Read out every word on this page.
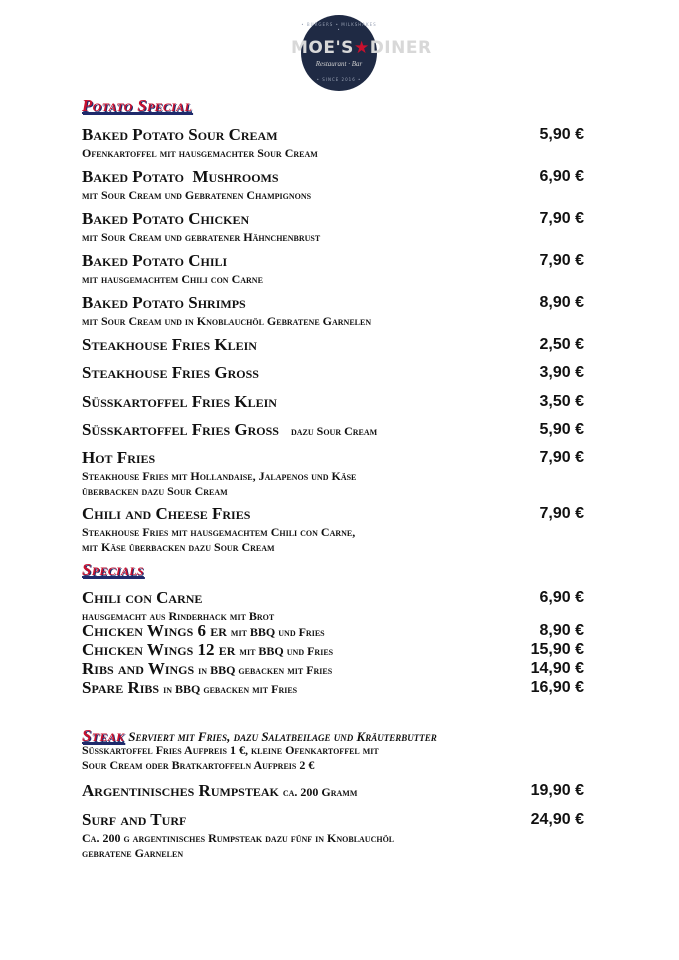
• BURGERS • MILKSHAKES •
MOE'S★DINER
Restaurant · Bar
• SINCE 2016 •
Potato Special
Baked Potato Sour Cream	5,90 €
Ofenkartoffel mit hausgemachter Sour Cream
Baked Potato  Mushrooms	6,90 €
mit Sour Cream und Gebratenen Champignons
Baked Potato Chicken	7,90 €
mit Sour Cream und gebratener Hähnchenbrust
Baked Potato Chili	7,90 €
mit hausgemachtem Chili con Carne
Baked Potato Shrimps	8,90 €
mit Sour Cream und in Knoblauchöl Gebratene Garnelen
Steakhouse Fries Klein	2,50 €
Steakhouse Fries Gross	3,90 €
Süsskartoffel Fries Klein	3,50 €
Süsskartoffel Fries Gross dazu Sour Cream	5,90 €
Hot Fries	7,90 €
Steakhouse Fries mit Hollandaise, Jalapenos und Käse
überbacken dazu Sour Cream
Chili and Cheese Fries	7,90 €
Steakhouse Fries mit hausgemachtem Chili con Carne,
mit Käse überbacken dazu Sour Cream
Specials
Chili con Carne	6,90 €
hausgemacht aus Rinderhack mit Brot
Chicken Wings 6 er mit BBQ und Fries	8,90 €
Chicken Wings 12 er mit BBQ und Fries	15,90 €
Ribs and Wings in BBQ gebacken mit Fries	14,90 €
Spare Ribs in BBQ gebacken mit Fries	16,90 €
Steak Serviert mit Fries, dazu Salatbeilage und Kräuterbutter
Süsskartoffel Fries Aufpreis 1 €, kleine Ofenkartoffel mit
Sour Cream oder Bratkartoffeln Aufpreis 2 €
Argentinisches Rumpsteak ca. 200 Gramm	19,90 €
Surf and Turf	24,90 €
Ca. 200 g argentinisches Rumpsteak dazu fünf in Knoblauchöl
gebratene Garnelen
